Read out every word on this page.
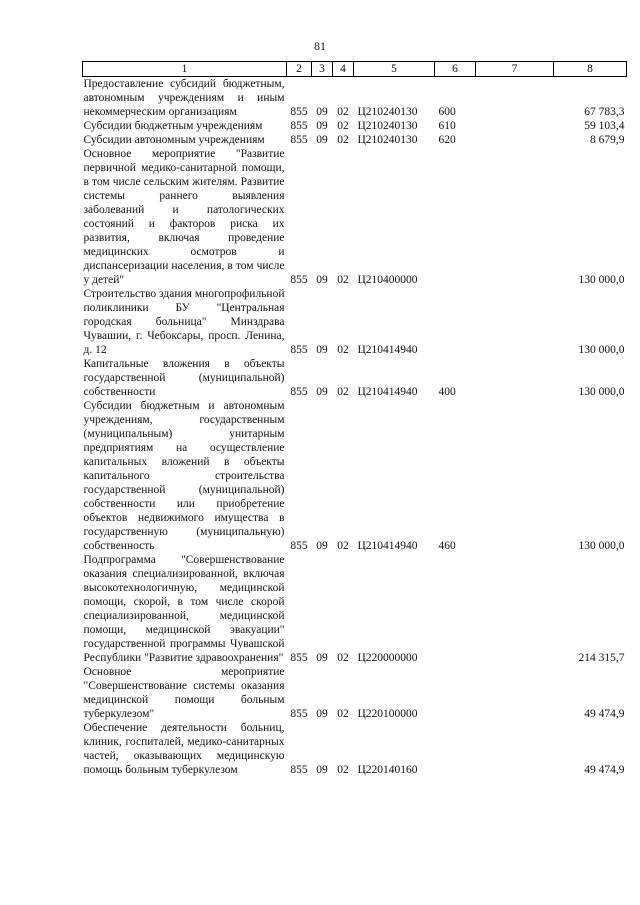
81
1	2	3	4	5	6	7	8
Предоставление субсидий бюджетным, автономным учреждениям и иным некоммерческим организациям	855	09	02	Ц210240130	600		67 783,3
Субсидии бюджетным учреждениям	855	09	02	Ц210240130	610		59 103,4
Субсидии автономным учреждениям	855	09	02	Ц210240130	620		8 679,9
Основное мероприятие "Развитие первичной медико-санитарной помощи, в том числе сельским жителям. Развитие системы раннего выявления заболеваний и патологических состояний и факторов риска их развития, включая проведение медицинских осмотров и диспансеризации населения, в том числе у детей"	855	09	02	Ц210400000			130 000,0
Строительство здания многопрофильной поликлиники БУ "Центральная городская больница" Минздрава Чувашии, г. Чебоксары, просп. Ленина, д. 12	855	09	02	Ц210414940			130 000,0
Капитальные вложения в объекты государственной (муниципальной) собственности	855	09	02	Ц210414940	400		130 000,0
Субсидии бюджетным и автономным учреждениям, государственным (муниципальным) унитарным предприятиям на осуществление капитальных вложений в объекты капитального строительства государственной (муниципальной) собственности или приобретение объектов недвижимого имущества в государственную (муниципальную) собственность	855	09	02	Ц210414940	460		130 000,0
Подпрограмма "Совершенствование оказания специализированной, включая высокотехнологичную, медицинской помощи, скорой, в том числе скорой специализированной, медицинской помощи, медицинской эвакуации" государственной программы Чувашской Республики "Развитие здравоохранения"	855	09	02	Ц220000000			214 315,7
Основное мероприятие "Совершенствование системы оказания медицинской помощи больным туберкулезом"	855	09	02	Ц220100000			49 474,9
Обеспечение деятельности больниц, клиник, госпиталей, медико-санитарных частей, оказывающих медицинскую помощь больным туберкулезом	855	09	02	Ц220140160			49 474,9
